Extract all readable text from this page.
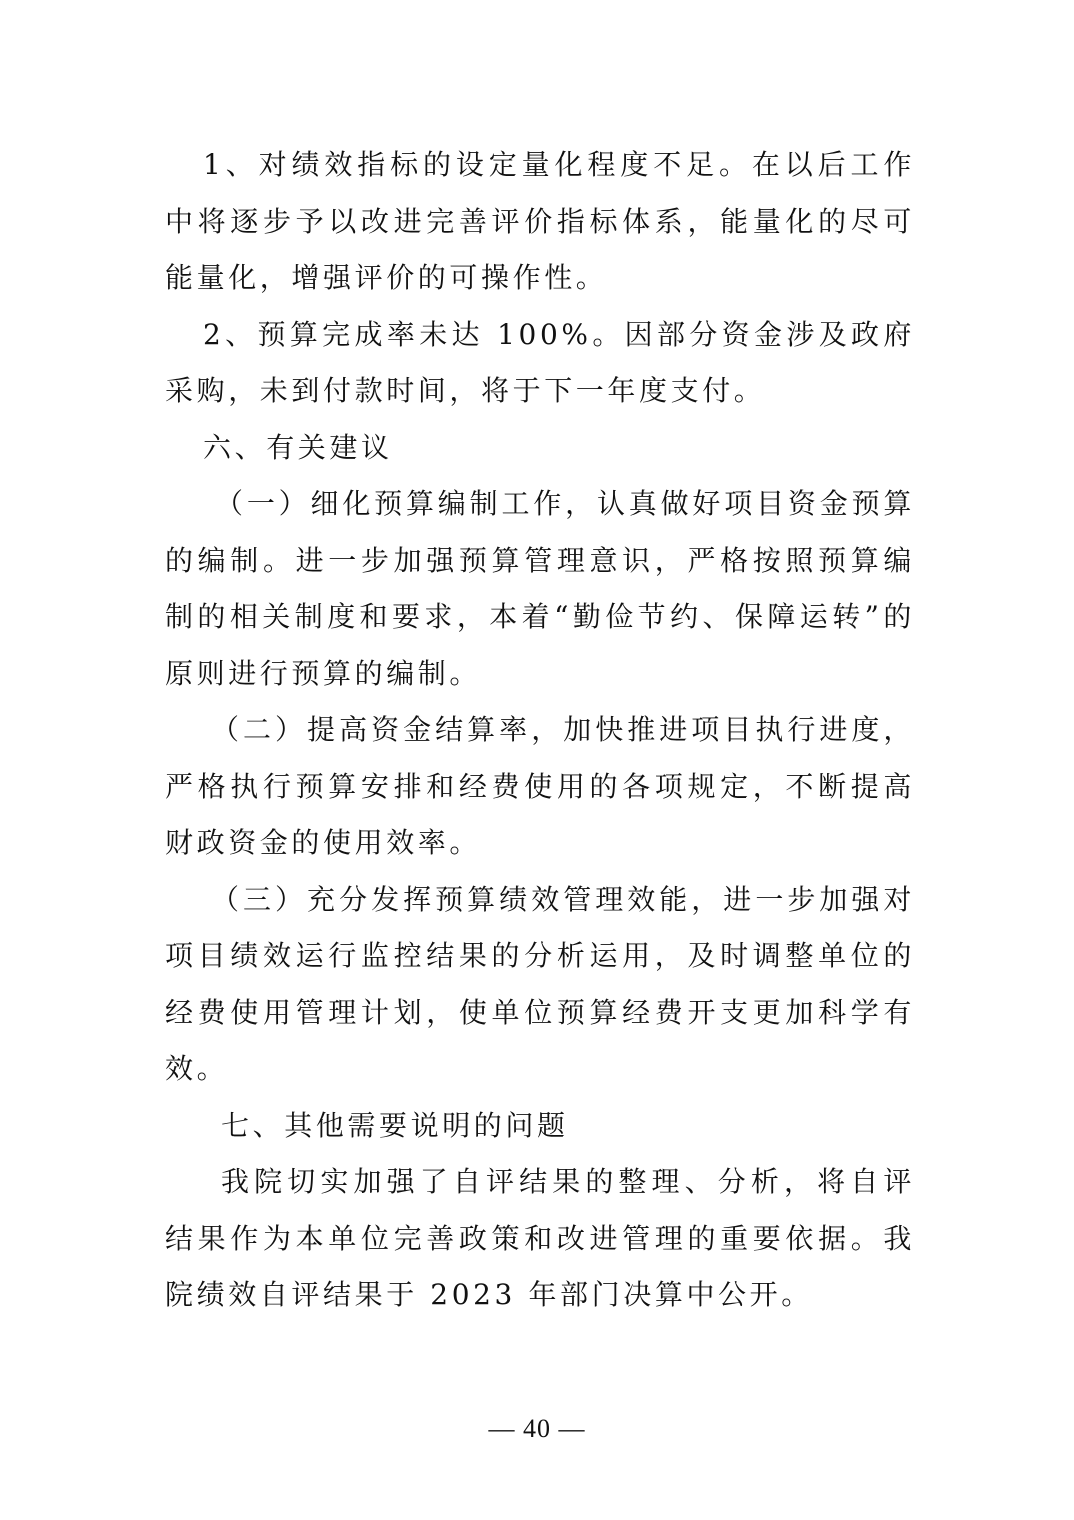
1、对绩效指标的设定量化程度不足。在以后工作中将逐步予以改进完善评价指标体系，能量化的尽可能量化，增强评价的可操作性。

2、预算完成率未达 100%。因部分资金涉及政府采购，未到付款时间，将于下一年度支付。

六、有关建议

（一）细化预算编制工作，认真做好项目资金预算的编制。进一步加强预算管理意识，严格按照预算编制的相关制度和要求，本着“勤俭节约、保障运转”的原则进行预算的编制。

（二）提高资金结算率，加快推进项目执行进度，严格执行预算安排和经费使用的各项规定，不断提高财政资金的使用效率。

（三）充分发挥预算绩效管理效能，进一步加强对项目绩效运行监控结果的分析运用，及时调整单位的经费使用管理计划，使单位预算经费开支更加科学有效。

七、其他需要说明的问题

我院切实加强了自评结果的整理、分析，将自评结果作为本单位完善政策和改进管理的重要依据。我院绩效自评结果于 2023 年部门决算中公开。

— 40 —
